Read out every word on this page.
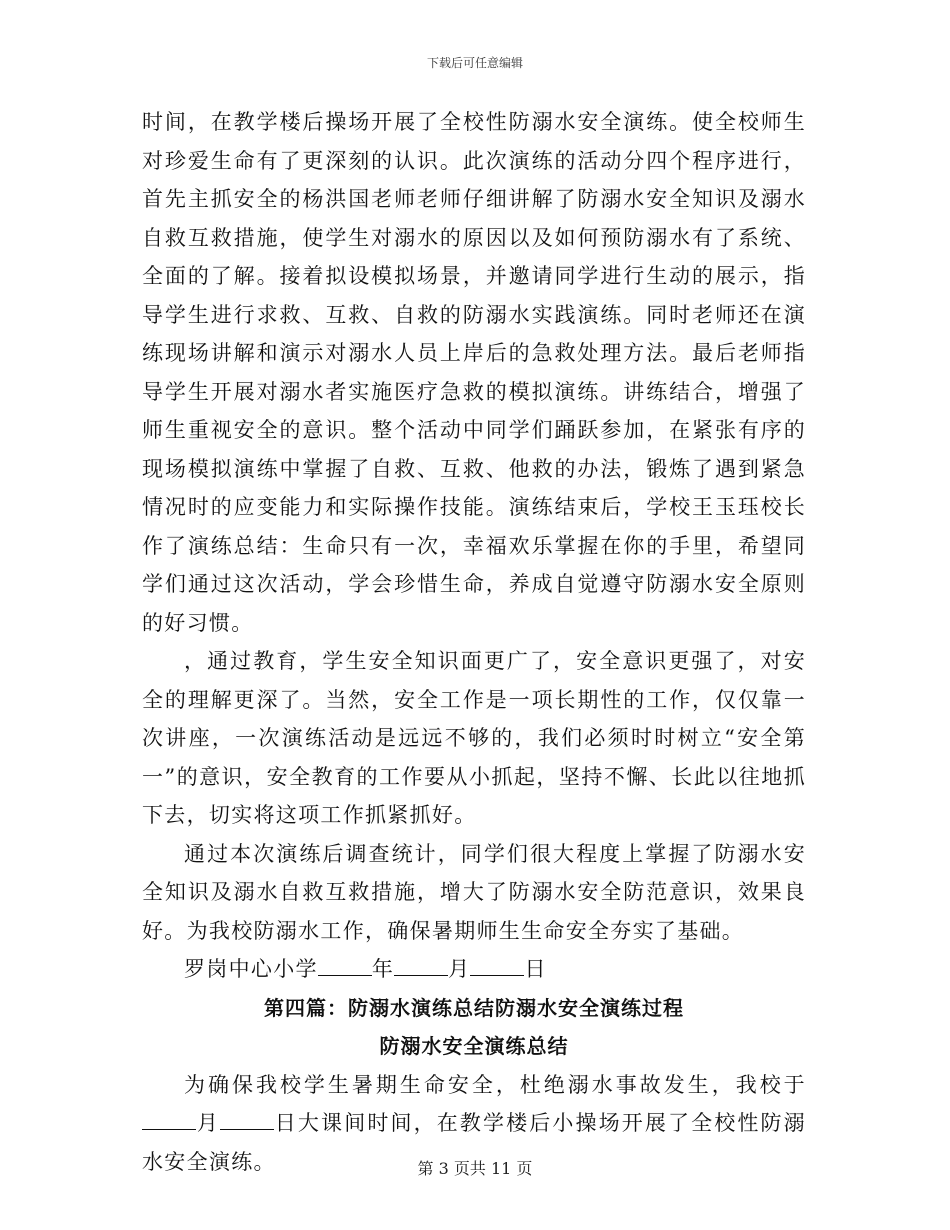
下载后可任意编辑

时间，在教学楼后操场开展了全校性防溺水安全演练。使全校师生对珍爱生命有了更深刻的认识。此次演练的活动分四个程序进行，首先主抓安全的杨洪国老师老师仔细讲解了防溺水安全知识及溺水自救互救措施，使学生对溺水的原因以及如何预防溺水有了系统、全面的了解。接着拟设模拟场景，并邀请同学进行生动的展示，指导学生进行求救、互救、自救的防溺水实践演练。同时老师还在演练现场讲解和演示对溺水人员上岸后的急救处理方法。最后老师指导学生开展对溺水者实施医疗急救的模拟演练。讲练结合，增强了师生重视安全的意识。整个活动中同学们踊跃参加，在紧张有序的现场模拟演练中掌握了自救、互救、他救的办法，锻炼了遇到紧急情况时的应变能力和实际操作技能。演练结束后，学校王玉珏校长作了演练总结：生命只有一次，幸福欢乐掌握在你的手里，希望同学们通过这次活动，学会珍惜生命，养成自觉遵守防溺水安全原则的好习惯。

，通过教育，学生安全知识面更广了，安全意识更强了，对安全的理解更深了。当然，安全工作是一项长期性的工作，仅仅靠一次讲座，一次演练活动是远远不够的，我们必须时时树立“安全第一”的意识，安全教育的工作要从小抓起，坚持不懈、长此以往地抓下去，切实将这项工作抓紧抓好。

通过本次演练后调查统计，同学们很大程度上掌握了防溺水安全知识及溺水自救互救措施，增大了防溺水安全防范意识，效果良好。为我校防溺水工作，确保暑期师生生命安全夯实了基础。

罗岗中心小学	年	月	日

第四篇：防溺水演练总结防溺水安全演练过程

防溺水安全演练总结

为确保我校学生暑期生命安全，杜绝溺水事故发生，我校于月	日大课间时间，在教学楼后小操场开展了全校性防溺水安全演练。	第 3 页共 11 页
